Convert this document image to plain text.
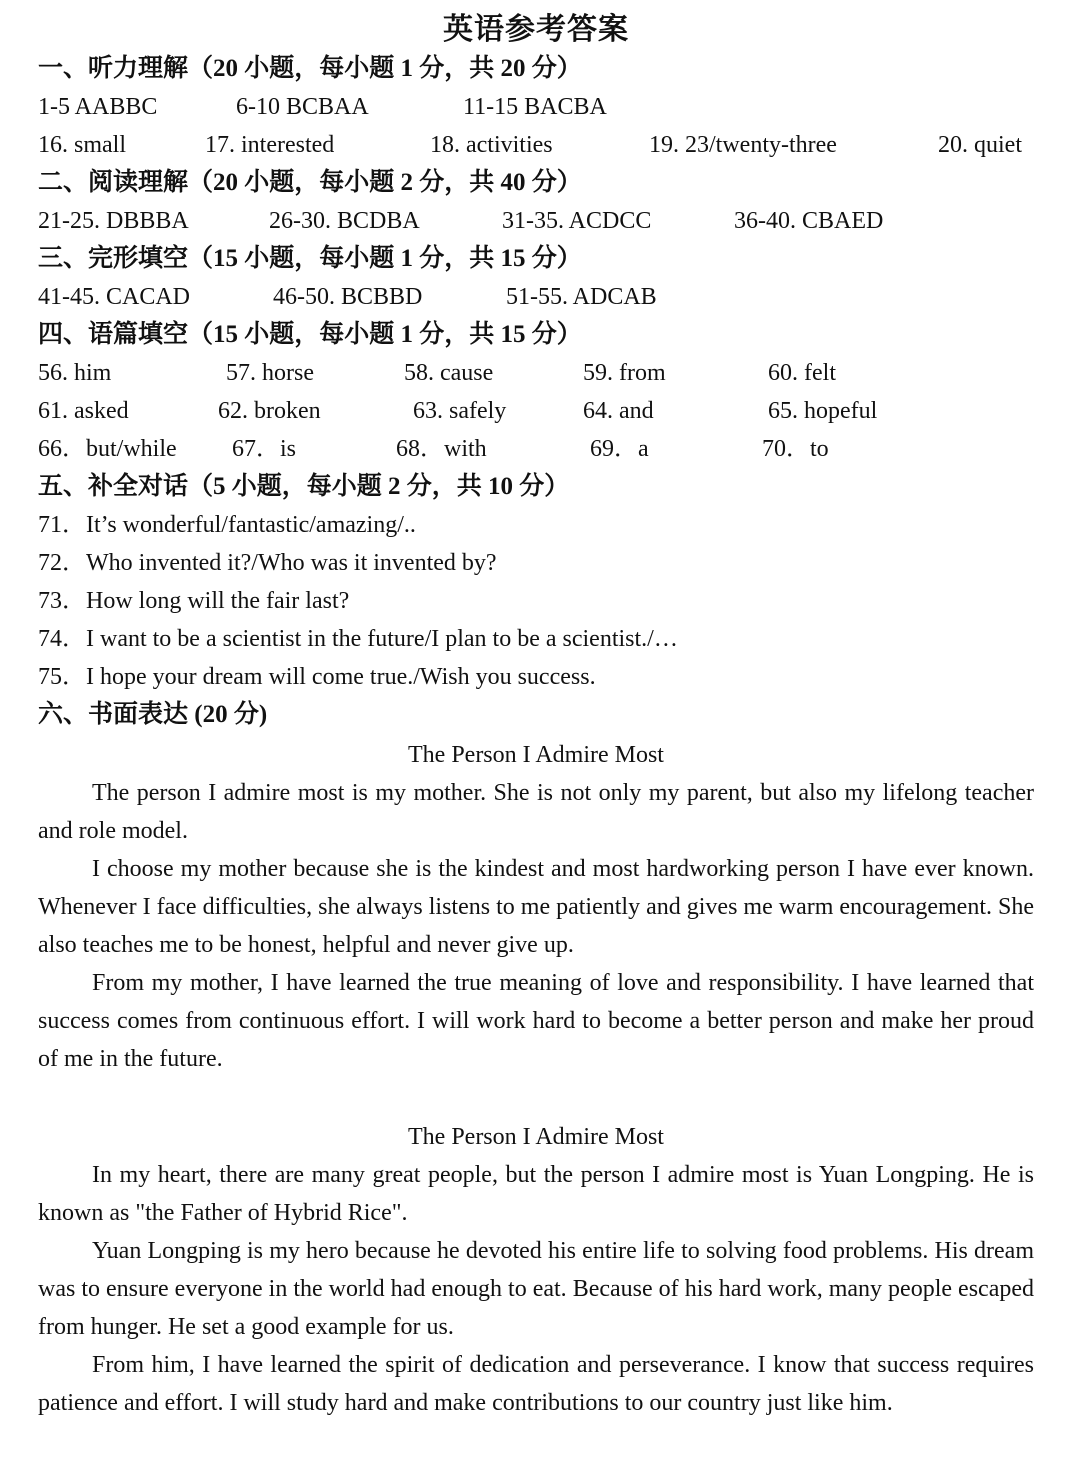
英语参考答案
一、听力理解（20 小题，每小题 1 分，共 20 分）
1-5 AABBC	6-10 BCBAA	11-15 BACBA
16. small	17. interested	18. activities	19. 23/twenty-three	20. quiet
二、阅读理解（20 小题，每小题 2 分，共 40 分）
21-25. DBBBA	26-30. BCDBA	31-35. ACDCC	36-40. CBAED
三、完形填空（15 小题，每小题 1 分，共 15 分）
41-45. CACAD	46-50. BCBBD	51-55. ADCAB
四、语篇填空（15 小题，每小题 1 分，共 15 分）
56. him	57. horse	58. cause	59. from	60. felt
61. asked	62. broken	63. safely	64. and	65. hopeful
66．but/while 67．is	68．with	69．a	70．to
五、补全对话（5 小题，每小题 2 分，共 10 分）
71．It’s wonderful/fantastic/amazing/..
72．Who invented it?/Who was it invented by?
73．How long will the fair last?
74．I want to be a scientist in the future/I plan to be a scientist./…
75．I hope your dream will come true./Wish you success.
六、书面表达 (20 分)
The Person I Admire Most

The person I admire most is my mother. She is not only my parent, but also my lifelong teacher and role model.

I choose my mother because she is the kindest and most hardworking person I have ever known. Whenever I face difficulties, she always listens to me patiently and gives me warm encouragement. She also teaches me to be honest, helpful and never give up.

From my mother, I have learned the true meaning of love and responsibility. I have learned that success comes from continuous effort. I will work hard to become a better person and make her proud of me in the future.

The Person I Admire Most

In my heart, there are many great people, but the person I admire most is Yuan Longping. He is known as "the Father of Hybrid Rice".

Yuan Longping is my hero because he devoted his entire life to solving food problems. His dream was to ensure everyone in the world had enough to eat. Because of his hard work, many people escaped from hunger. He set a good example for us.

From him, I have learned the spirit of dedication and perseverance. I know that success requires patience and effort. I will study hard and make contributions to our country just like him.
